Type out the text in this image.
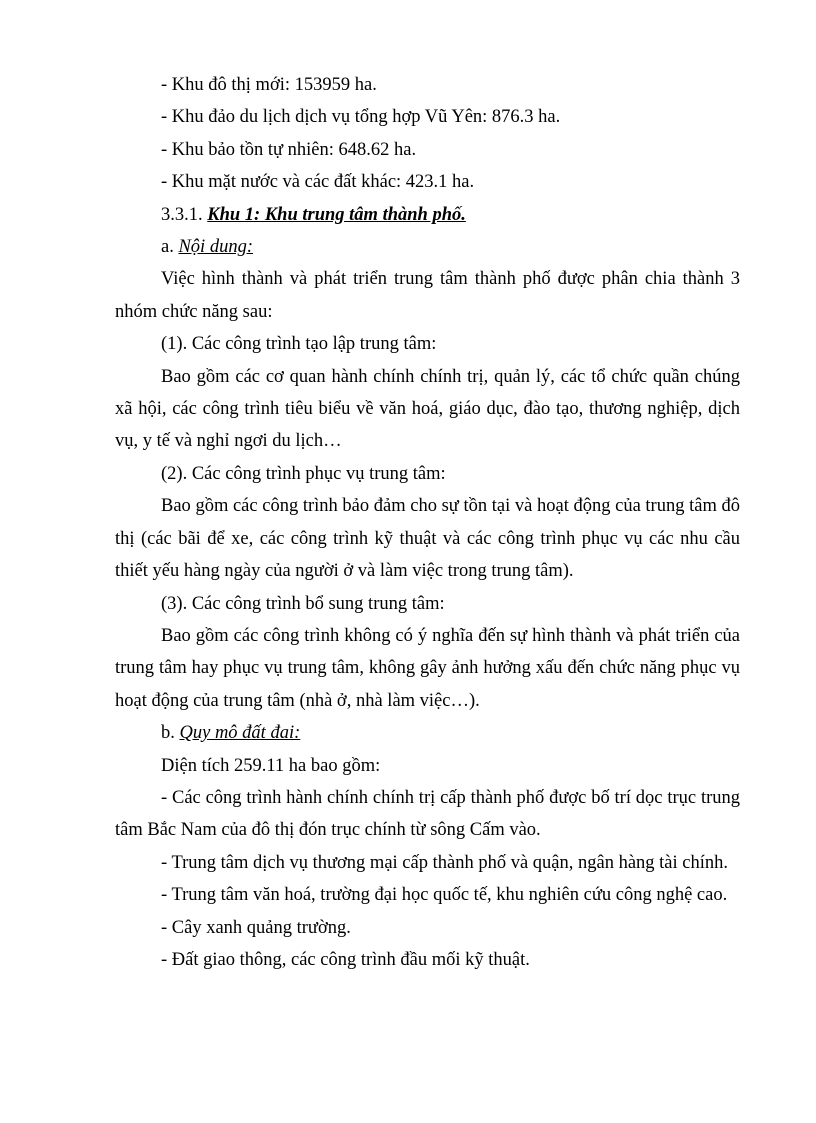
- Khu đô thị mới: 153959 ha.

- Khu đảo du lịch dịch vụ tổng hợp Vũ Yên: 876.3 ha.

- Khu bảo tồn tự nhiên: 648.62 ha.

- Khu mặt nước và các đất khác: 423.1 ha.

3.3.1. Khu 1: Khu trung tâm thành phố.

a. Nội dung:

Việc hình thành và phát triển trung tâm thành phố được phân chia thành 3 nhóm chức năng sau:

(1). Các công trình tạo lập trung tâm:

Bao gồm các cơ quan hành chính chính trị, quản lý, các tổ chức quần chúng xã hội, các công trình tiêu biểu về văn hoá, giáo dục, đào tạo, thương nghiệp, dịch vụ, y tế và nghỉ ngơi du lịch…

(2). Các công trình phục vụ trung tâm:

Bao gồm các công trình bảo đảm cho sự tồn tại và hoạt động của trung tâm đô thị (các bãi để xe, các công trình kỹ thuật và các công trình phục vụ các nhu cầu thiết yếu hàng ngày của người ở và làm việc trong trung tâm).

(3). Các công trình bổ sung trung tâm:

Bao gồm các công trình không có ý nghĩa đến sự hình thành và phát triển của trung tâm hay phục vụ trung tâm, không gây ảnh hưởng xấu đến chức năng phục vụ hoạt động của trung tâm (nhà ở, nhà làm việc…).

b. Quy mô đất đai:

Diện tích 259.11 ha bao gồm:

- Các công trình hành chính chính trị cấp thành phố được bố trí dọc trục trung tâm Bắc Nam của đô thị đón trục chính từ sông Cấm vào.

- Trung tâm dịch vụ thương mại cấp thành phố và quận, ngân hàng tài chính.

- Trung tâm văn hoá, trường đại học quốc tế, khu nghiên cứu công nghệ cao.

- Cây xanh quảng trường.

- Đất giao thông, các công trình đầu mối kỹ thuật.
